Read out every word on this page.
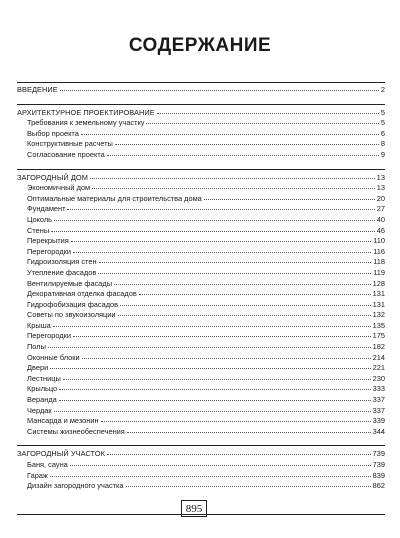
СОДЕРЖАНИЕ
ВВЕДЕНИЕ	2
АРХИТЕКТУРНОЕ ПРОЕКТИРОВАНИЕ	5
Требования к земельному участку	5
Выбор проекта	6
Конструктивные расчеты	8
Согласование проекта	9
ЗАГОРОДНЫЙ ДОМ	13
Экономичный дом	13
Оптимальные материалы для строительства дома	20
Фундамент	27
Цоколь	40
Стены	46
Перекрытия	110
Перегородки	116
Гидроизоляция стен	118
Утепление фасадов	119
Вентилируемые фасады	128
Декоративная отделка фасадов	131
Гидрофобизация фасадов	131
Советы по звукоизоляции	132
Крыша	135
Перегородки	175
Полы	182
Оконные блоки	214
Двери	221
Лестницы	230
Крыльцо	333
Веранда	337
Чердак	337
Мансарда и мезонин	339
Системы жизнеобеспечения	344
ЗАГОРОДНЫЙ УЧАСТОК	739
Баня, сауна	739
Гараж	839
Дизайн загородного участка	862
895
